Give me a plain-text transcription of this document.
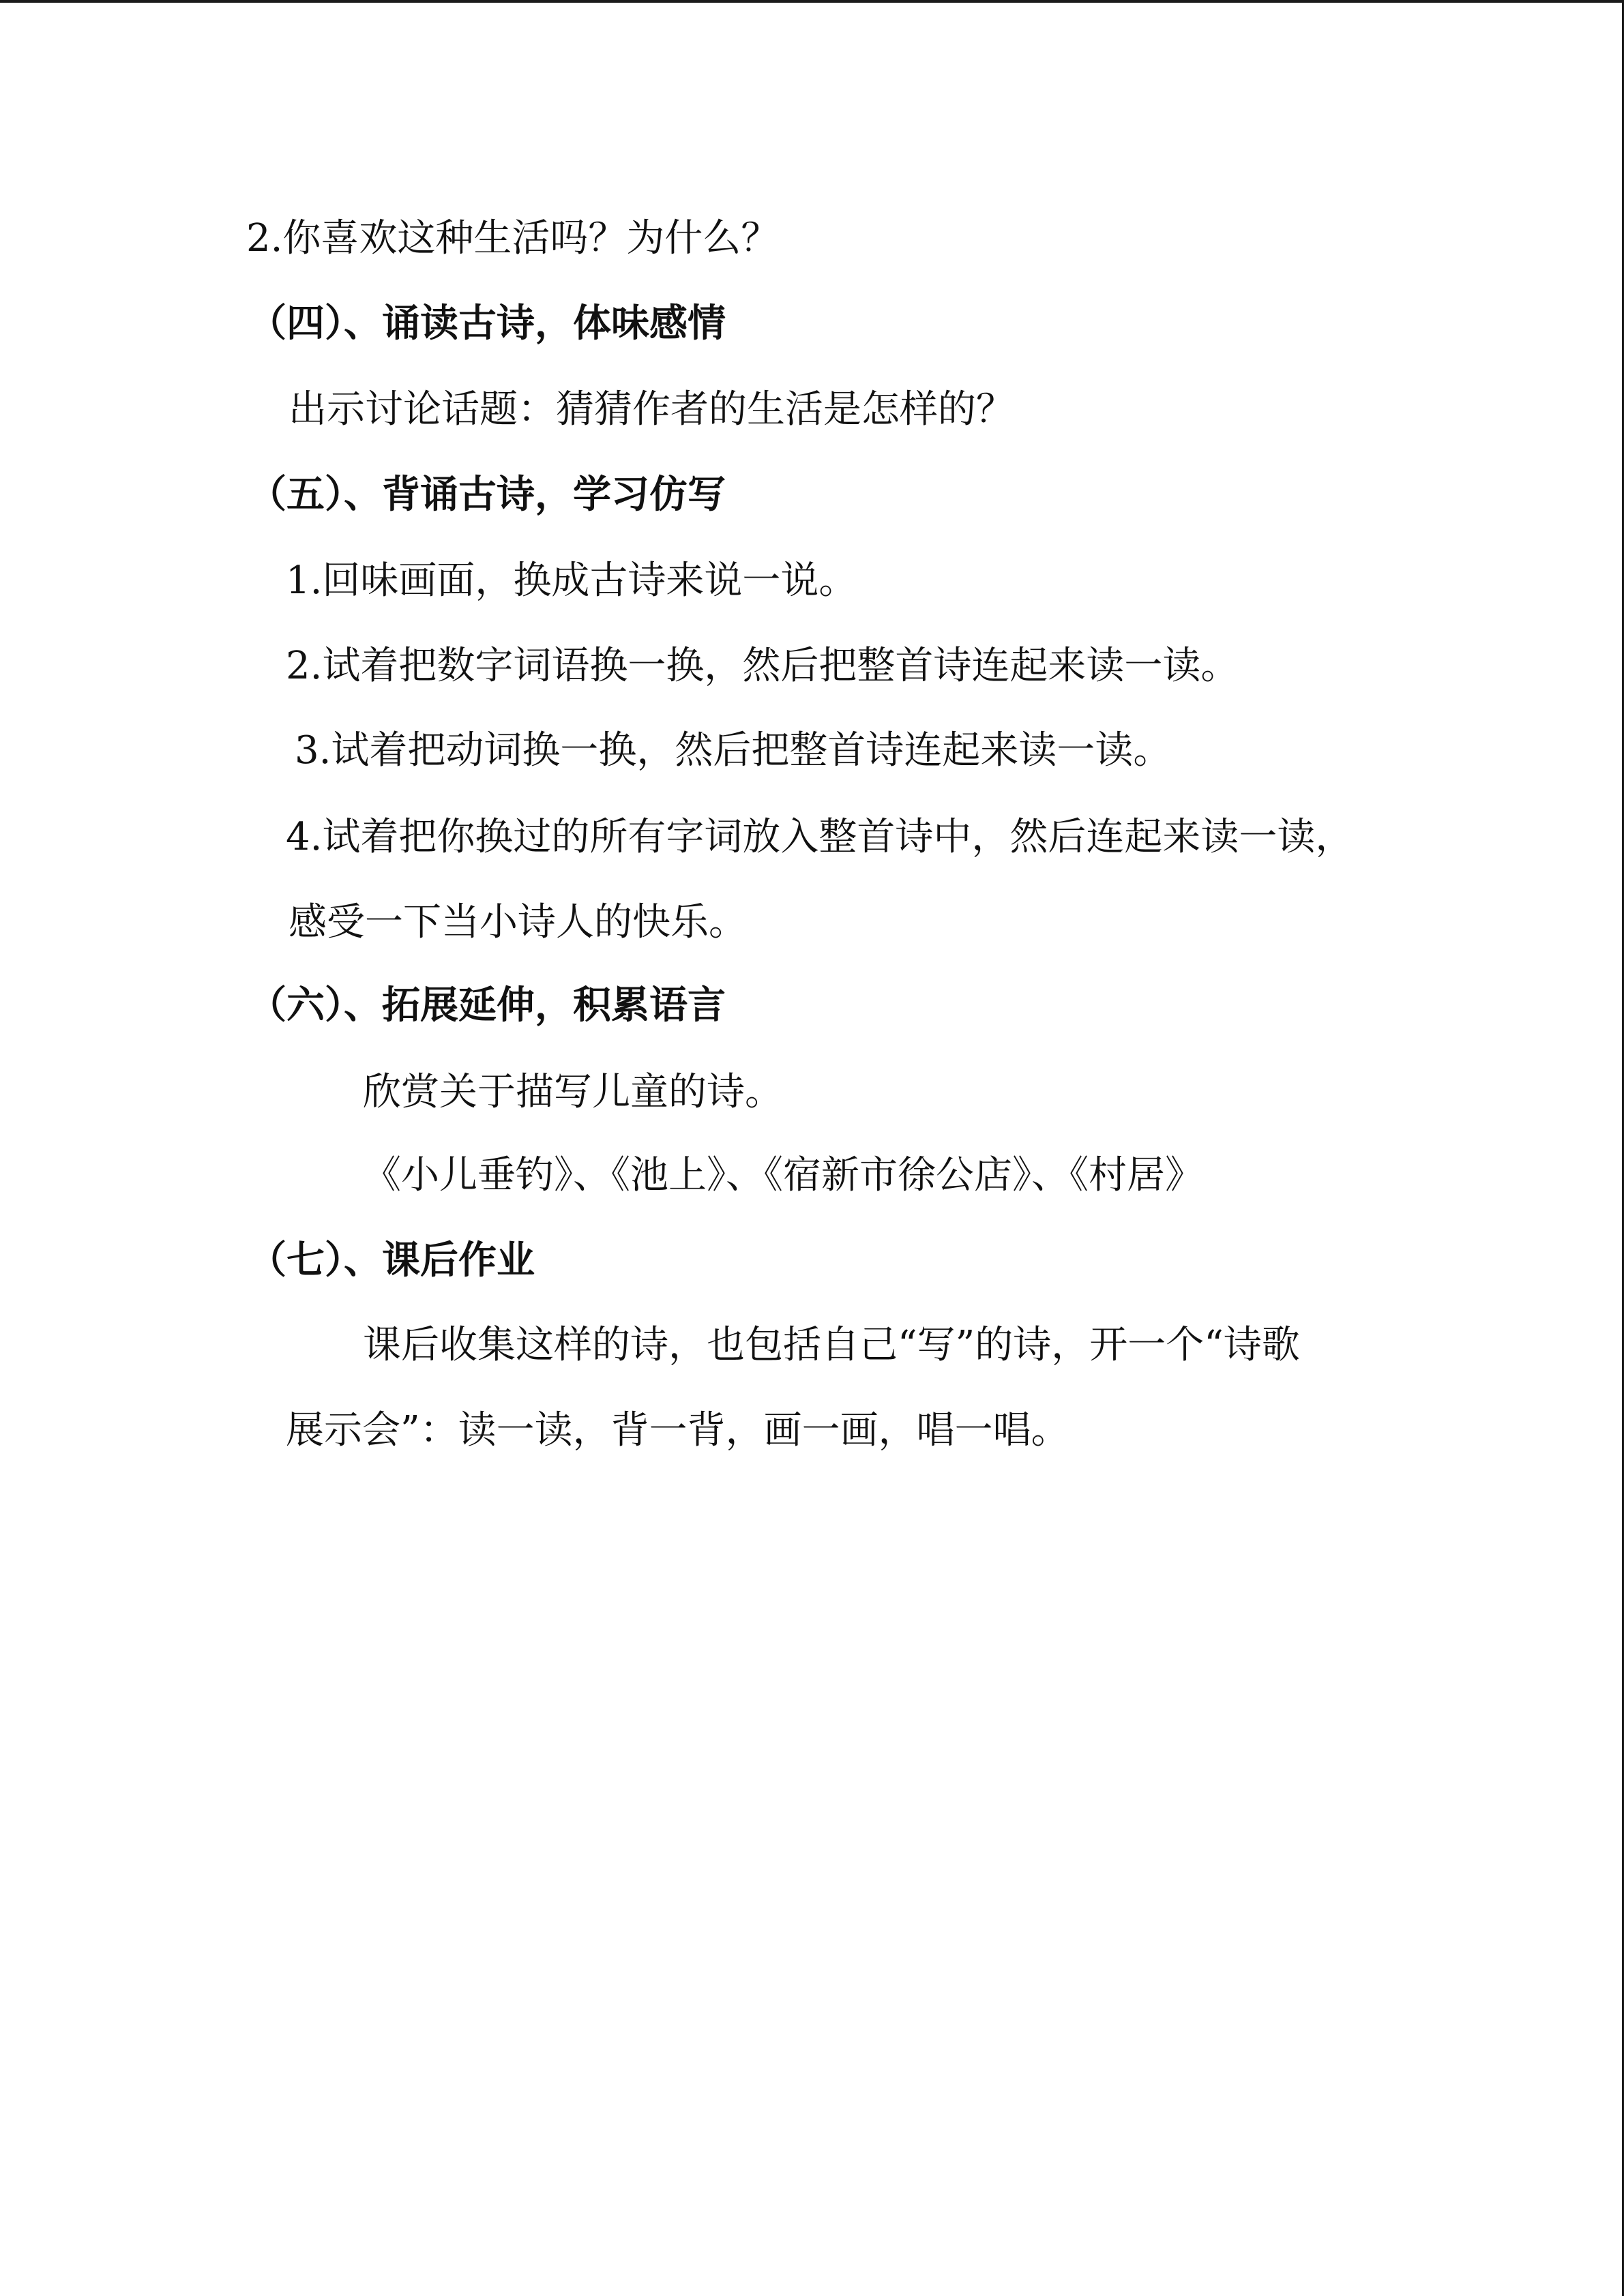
2.你喜欢这种生活吗？为什么？
（四）、诵读古诗，体味感情
出示讨论话题：猜猜作者的生活是怎样的？
（五）、背诵古诗，学习仿写
1.回味画面，换成古诗来说一说。
2.试着把数字词语换一换，然后把整首诗连起来读一读。
3.试着把动词换一换，然后把整首诗连起来读一读。
4.试着把你换过的所有字词放入整首诗中，然后连起来读一读，
感受一下当小诗人的快乐。
（六）、拓展延伸，积累语言
欣赏关于描写儿童的诗。
《小儿垂钓》、《池上》、《宿新市徐公店》、《村居》
（七）、课后作业
课后收集这样的诗，也包括自己“写”的诗，开一个“诗歌
展示会”：读一读，背一背，画一画，唱一唱。
